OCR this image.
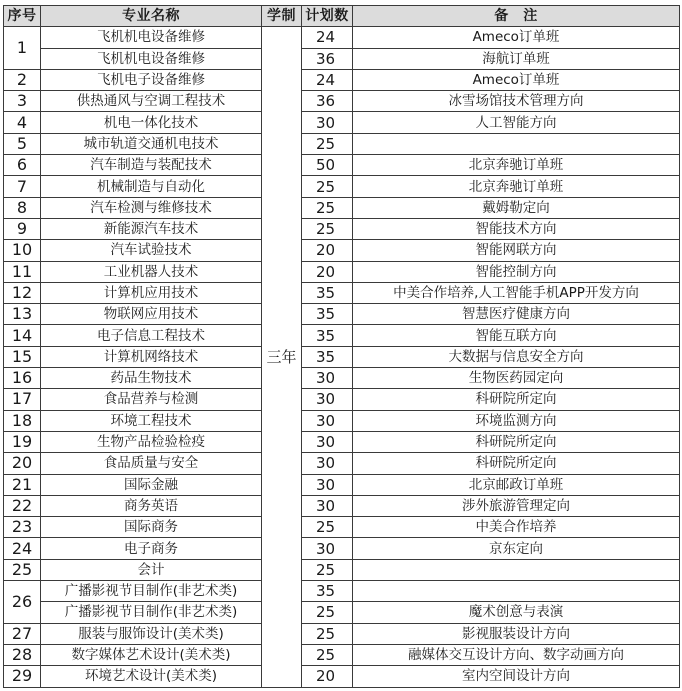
序号	专业名称	学制	计划数	备　注
1	飞机机电设备维修	三年	24	Ameco订单班
	飞机机电设备维修		36	海航订单班
2	飞机电子设备维修		24	Ameco订单班
3	供热通风与空调工程技术		36	冰雪场馆技术管理方向
4	机电一体化技术		30	人工智能方向
5	城市轨道交通机电技术		25	
6	汽车制造与装配技术		50	北京奔驰订单班
7	机械制造与自动化		25	北京奔驰订单班
8	汽车检测与维修技术		25	戴姆勒定向
9	新能源汽车技术		25	智能技术方向
10	汽车试验技术		20	智能网联方向
11	工业机器人技术		20	智能控制方向
12	计算机应用技术		35	中美合作培养,人工智能手机APP开发方向
13	物联网应用技术		35	智慧医疗健康方向
14	电子信息工程技术		35	智能互联方向
15	计算机网络技术		35	大数据与信息安全方向
16	药品生物技术		30	生物医药园定向
17	食品营养与检测		30	科研院所定向
18	环境工程技术		30	环境监测方向
19	生物产品检验检疫		30	科研院所定向
20	食品质量与安全		30	科研院所定向
21	国际金融		30	北京邮政订单班
22	商务英语		30	涉外旅游管理定向
23	国际商务		25	中美合作培养
24	电子商务		30	京东定向
25	会计		25	
26	广播影视节目制作(非艺术类)		35	
	广播影视节目制作(非艺术类)		25	魔术创意与表演
27	服装与服饰设计(美术类)		25	影视服装设计方向
28	数字媒体艺术设计(美术类)		25	融媒体交互设计方向、数字动画方向
29	环境艺术设计(美术类)		20	室内空间设计方向
